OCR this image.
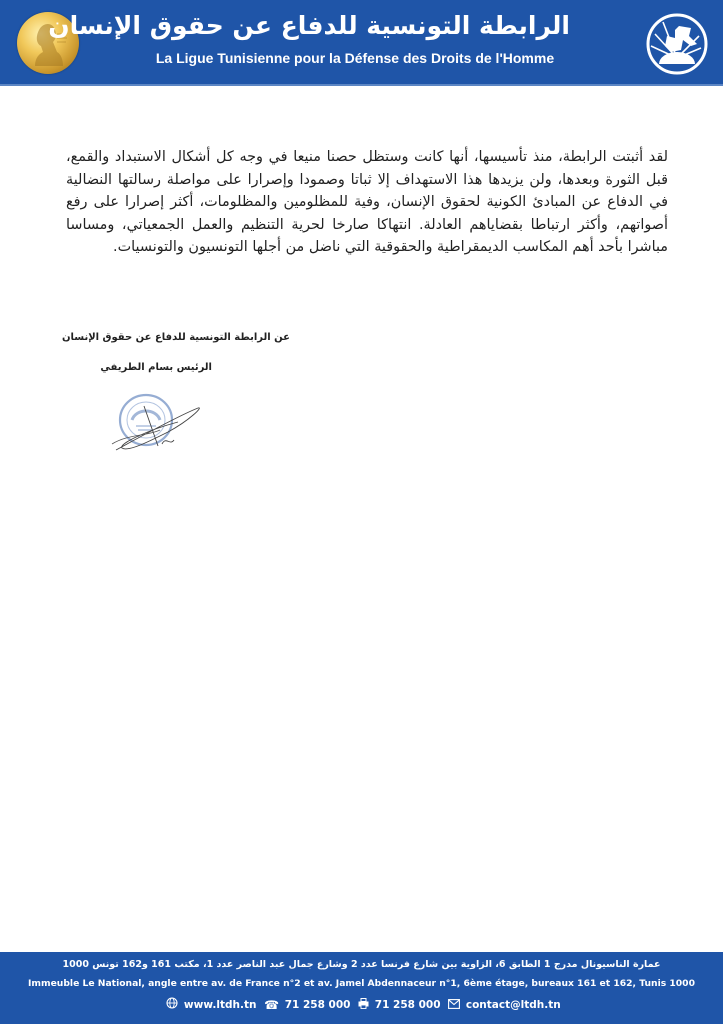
الرابطة التونسية للدفاع عن حقوق الإنسان
La Ligue Tunisienne pour la Défense des Droits de l'Homme
لقد أثبتت الرابطة، منذ تأسيسها، أنها كانت وستظل حصنا منيعا في وجه كل أشكال الاستبداد والقمع، قبل الثورة وبعدها، ولن يزيدها هذا الاستهداف إلا ثباتا وصمودا وإصرارا على مواصلة رسالتها النضالية في الدفاع عن المبادئ الكونية لحقوق الإنسان، وفية للمظلومين والمظلومات، أكثر إصرارا على رفع أصواتهم، وأكثر ارتباطا بقضاياهم العادلة. انتهاكا صارخا لحرية التنظيم والعمل الجمعياتي، ومساسا مباشرا بأحد أهم المكاسب الديمقراطية والحقوقية التي ناضل من أجلها التونسيون والتونسيات.
عن الرابطة التونسية للدفاع عن حقوق الإنسان
الرئيس بسام الطريفي
عمارة الناسيونال مدرج 1 الطابق 6، الزاوية بين شارع فرنسا عدد 2 وشارع جمال عبد الناصر عدد 1، مكتب 161 و162 تونس 1000
Immeuble Le National, angle entre av. de France n°2 et av. Jamel Abdennaceur n°1, 6ème étage, bureaux 161 et 162, Tunis 1000
www.ltdh.tn ☎ 71 258 000 71 258 000 contact@ltdh.tn
